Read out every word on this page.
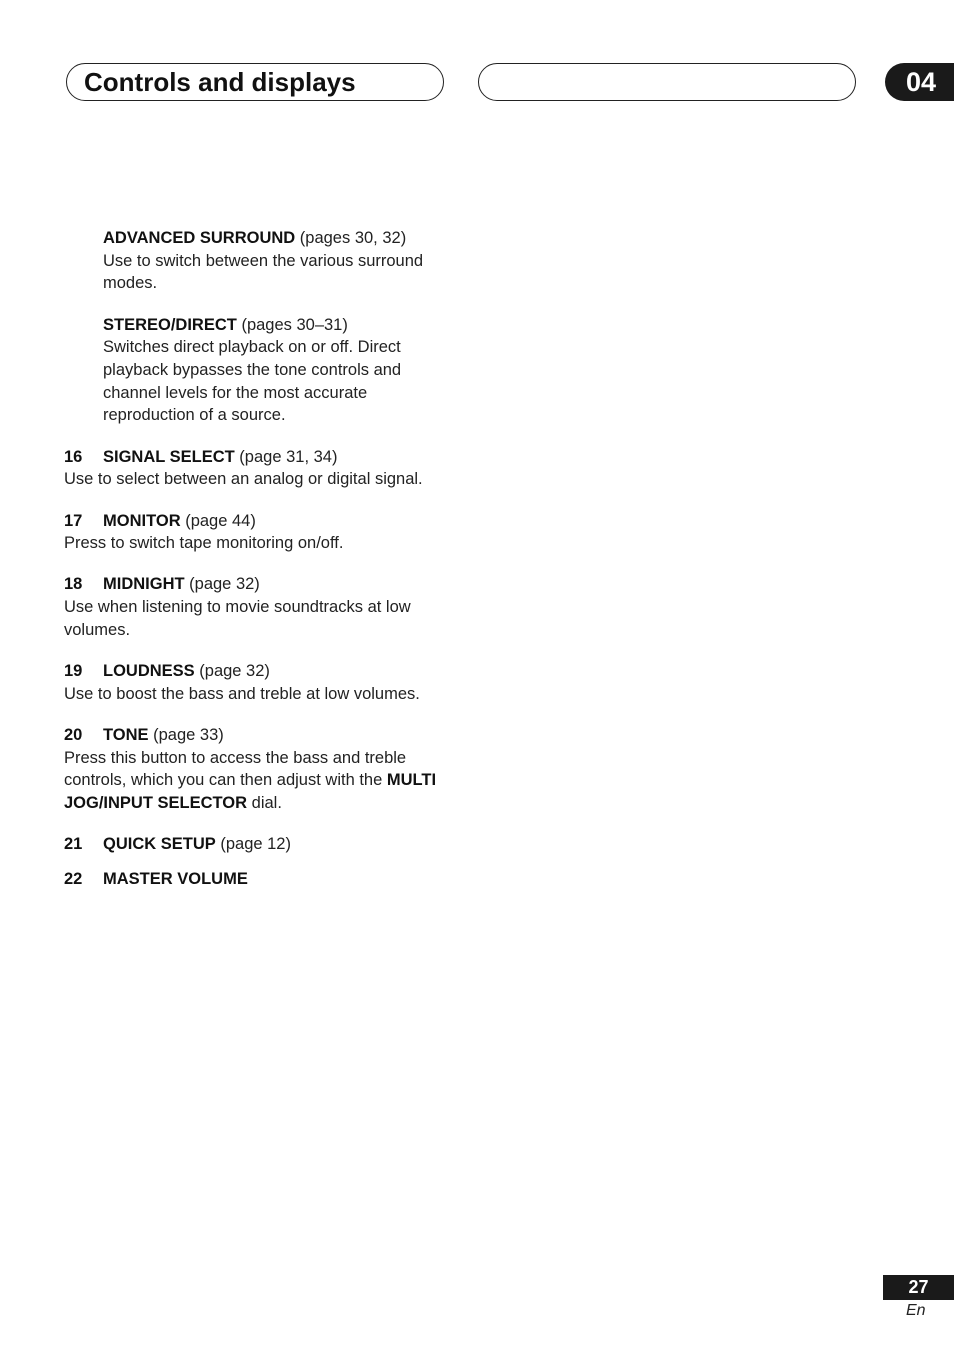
Controls and displays	04
ADVANCED SURROUND (pages 30, 32)
Use to switch between the various surround modes.
STEREO/DIRECT (pages 30–31)
Switches direct playback on or off. Direct playback bypasses the tone controls and channel levels for the most accurate reproduction of a source.
16 SIGNAL SELECT (page 31, 34)
Use to select between an analog or digital signal.
17 MONITOR (page 44)
Press to switch tape monitoring on/off.
18 MIDNIGHT (page 32)
Use when listening to movie soundtracks at low volumes.
19 LOUDNESS (page 32)
Use to boost the bass and treble at low volumes.
20 TONE (page 33)
Press this button to access the bass and treble controls, which you can then adjust with the MULTI JOG/INPUT SELECTOR dial.
21 QUICK SETUP (page 12)
22 MASTER VOLUME
27
En
